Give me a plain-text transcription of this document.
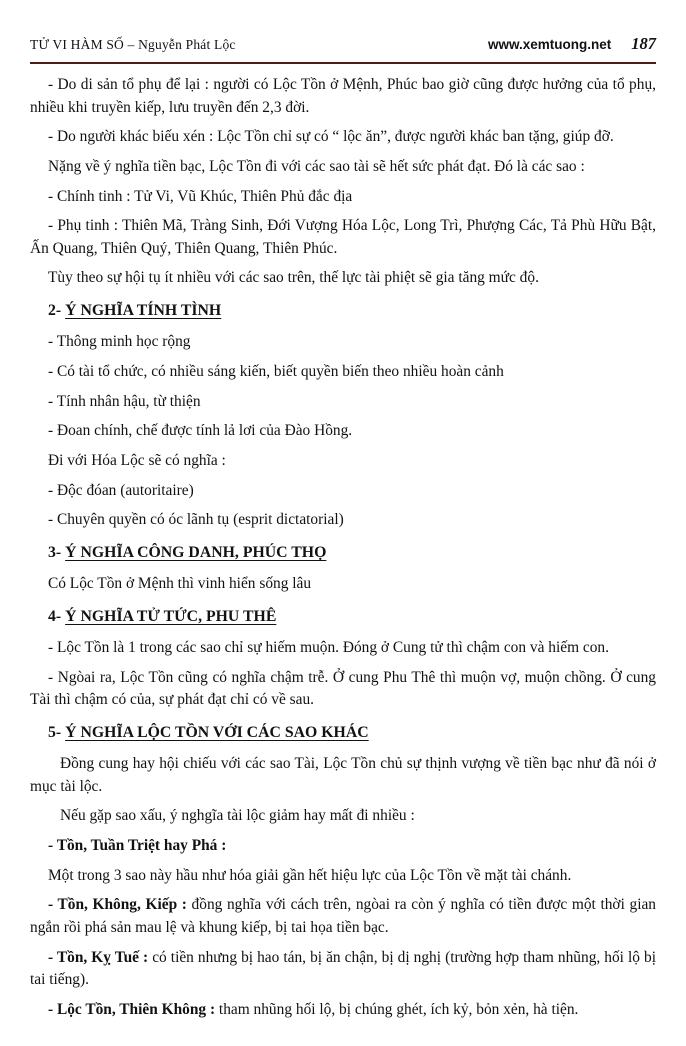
TỬ VI HÀM SỐ – Nguyễn Phát Lộc	www.xemtuong.net 187

- Do di sản tổ phụ để lại : người có Lộc Tồn ở Mệnh, Phúc bao giờ cũng được hưởng của tổ phụ, nhiều khi truyền kiếp, lưu truyền đến 2,3 đời.

- Do người khác biếu xén : Lộc Tồn chỉ sự có “ lộc ăn”, được người khác ban tặng, giúp đỡ.

Nặng về ý nghĩa tiền bạc, Lộc Tồn đi với các sao tài sẽ hết sức phát đạt. Đó là các sao :

- Chính tinh : Tử Vi, Vũ Khúc, Thiên Phủ đắc địa

- Phụ tinh : Thiên Mã, Tràng Sinh, Đới Vượng Hóa Lộc, Long Trì, Phượng Các, Tả Phù Hữu Bật, Ấn Quang, Thiên Quý, Thiên Quang, Thiên Phúc.

Tùy theo sự hội tụ ít nhiều với các sao trên, thế lực tài phiệt sẽ gia tăng mức độ.

2- Ý NGHĨA TÍNH TÌNH

- Thông minh học rộng

- Có tài tổ chức, có nhiều sáng kiến, biết quyền biến theo nhiều hoàn cảnh

- Tính nhân hậu, từ thiện

- Đoan chính, chế được tính lả lơi của Đào Hồng.

Đi với Hóa Lộc sẽ có nghĩa :

- Độc đóan (autoritaire)

- Chuyên quyền có óc lãnh tụ (esprit dictatorial)

3- Ý NGHĨA CÔNG DANH, PHÚC THỌ

Có Lộc Tồn ở Mệnh thì vinh hiển sống lâu

4- Ý NGHĨA TỬ TỨC, PHU THÊ

- Lộc Tồn là 1 trong các sao chỉ sự hiếm muộn. Đóng ở Cung tử thì chậm con và hiếm con.

- Ngòai ra, Lộc Tồn cũng có nghĩa chậm trễ. Ở cung Phu Thê thì muộn vợ, muộn chồng. Ở cung Tài thì chậm có của, sự phát đạt chỉ có về sau.

5- Ý NGHĨA LỘC TỒN VỚI CÁC SAO KHÁC

Đồng cung hay hội chiếu với các sao Tài, Lộc Tồn chủ sự thịnh vượng về tiền bạc như đã nói ở mục tài lộc.

Nếu gặp sao xấu, ý nghgĩa tài lộc giảm hay mất đi nhiều :

- Tồn, Tuần Triệt hay Phá :

Một trong 3 sao này hầu như hóa giải gần hết hiệu lực của Lộc Tồn về mặt tài chánh.

- Tồn, Không, Kiếp : đồng nghĩa với cách trên, ngòai ra còn ý nghĩa có tiền được một thời gian ngắn rồi phá sản mau lệ và khung kiếp, bị tai họa tiền bạc.

- Tồn, Kỵ Tuế : có tiền nhưng bị hao tán, bị ăn chận, bị dị nghị (trường hợp tham nhũng, hối lộ bị tai tiếng).

- Lộc Tồn, Thiên Không : tham nhũng hối lộ, bị chúng ghét, ích kỷ, bỏn xẻn, hà tiện.
